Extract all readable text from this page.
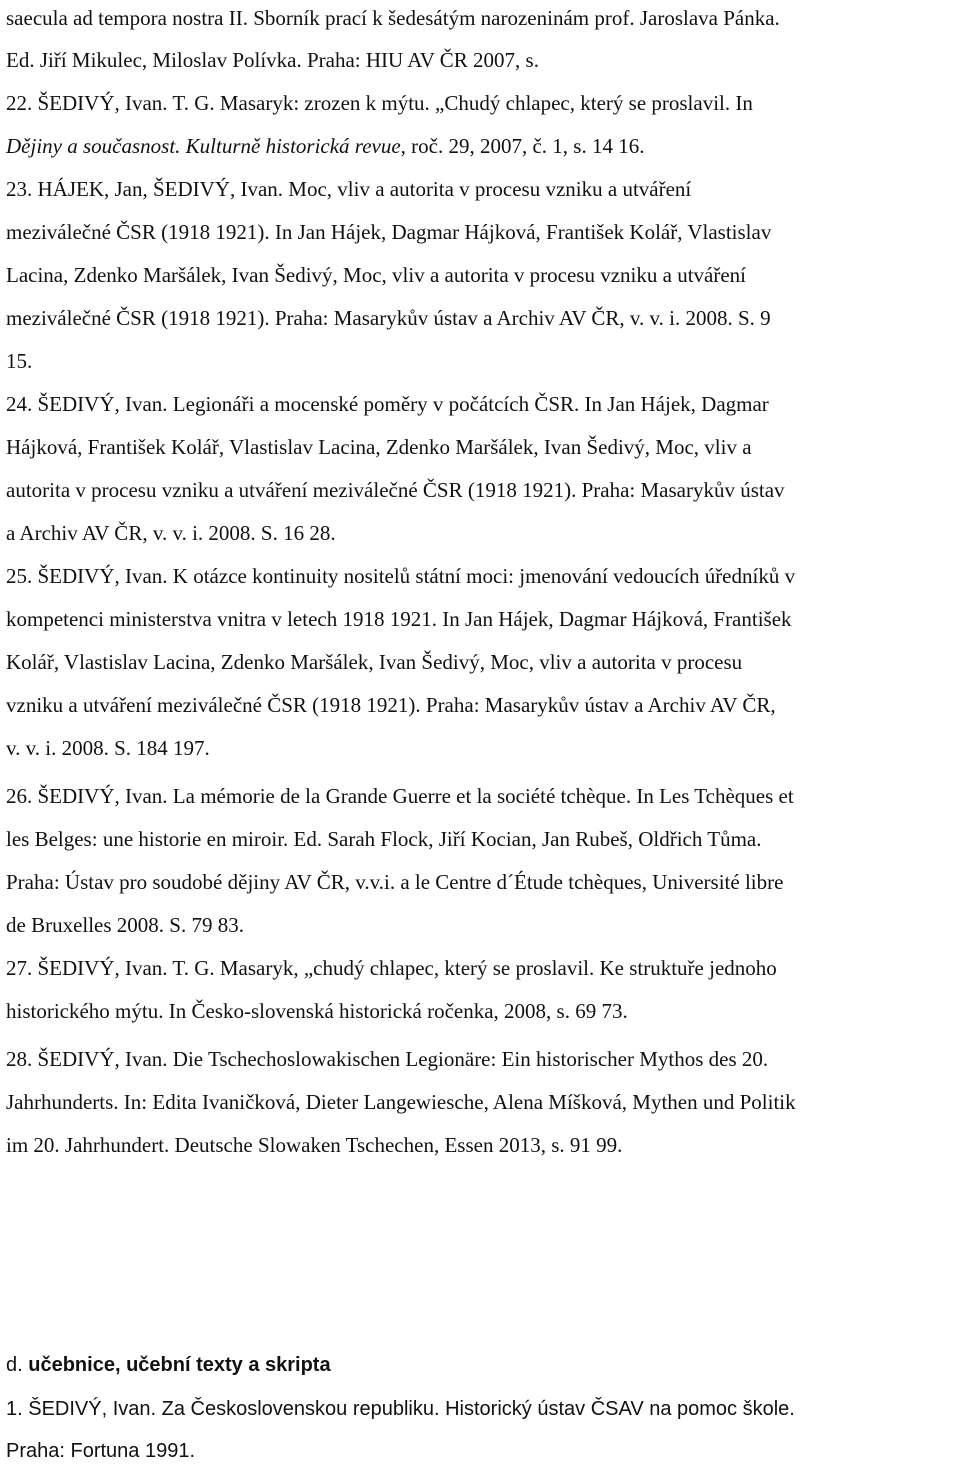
saecula ad tempora nostra II. Sborník prací k šedesátým narozeninám prof. Jaroslava Pánka.
Ed. Jiří Mikulec, Miloslav Polívka. Praha: HIU AV ČR 2007, s.
22. ŠEDIVÝ, Ivan. T. G. Masaryk: zrozen k mýtu. „Chudý chlapec, který se proslavil. In
Dějiny a současnost. Kulturně historická revue, roč. 29, 2007, č. 1, s. 14 16.
23. HÁJEK, Jan, ŠEDIVÝ, Ivan. Moc, vliv a autorita v procesu vzniku a utváření
meziválečné ČSR (1918 1921). In Jan Hájek, Dagmar Hájková, František Kolář, Vlastislav
Lacina, Zdenko Maršálek, Ivan Šedivý, Moc, vliv a autorita v procesu vzniku a utváření
meziválečné ČSR (1918 1921). Praha: Masarykův ústav a Archiv AV ČR, v. v. i. 2008. S. 9
15.
24. ŠEDIVÝ, Ivan. Legionáři a mocenské poměry v počátcích ČSR. In Jan Hájek, Dagmar
Hájková, František Kolář, Vlastislav Lacina, Zdenko Maršálek, Ivan Šedivý, Moc, vliv a
autorita v procesu vzniku a utváření meziválečné ČSR (1918 1921). Praha: Masarykův ústav
a Archiv AV ČR, v. v. i. 2008. S. 16 28.
25. ŠEDIVÝ, Ivan. K otázce kontinuity nositelů státní moci: jmenování vedoucích úředníků v
kompetenci ministerstva vnitra v letech 1918 1921. In Jan Hájek, Dagmar Hájková, František
Kolář, Vlastislav Lacina, Zdenko Maršálek, Ivan Šedivý, Moc, vliv a autorita v procesu
vzniku a utváření meziválečné ČSR (1918 1921). Praha: Masarykův ústav a Archiv AV ČR,
v. v. i. 2008. S. 184 197.
26. ŠEDIVÝ, Ivan. La mémorie de la Grande Guerre et la société tchèque. In Les Tchèques et
les Belges: une historie en miroir. Ed. Sarah Flock, Jiří Kocian, Jan Rubeš, Oldřich Tůma.
Praha: Ústav pro soudobé dějiny AV ČR, v.v.i. a le Centre d´Étude tchèques, Université libre
de Bruxelles 2008. S. 79 83.
27. ŠEDIVÝ, Ivan. T. G. Masaryk, „chudý chlapec, který se proslavil. Ke struktuře jednoho
historického mýtu. In Česko-slovenská historická ročenka, 2008, s. 69 73.
28. ŠEDIVÝ, Ivan. Die Tschechoslowakischen Legionäre: Ein historischer Mythos des 20.
Jahrhunderts. In: Edita Ivaničková, Dieter Langewiesche, Alena Míšková, Mythen und Politik
im 20. Jahrhundert. Deutsche Slowaken Tschechen, Essen 2013, s. 91 99.
d. učebnice, učební texty a skripta
1. ŠEDIVÝ, Ivan. Za Československou republiku. Historický ústav ČSAV na pomoc škole.
Praha: Fortuna 1991.
